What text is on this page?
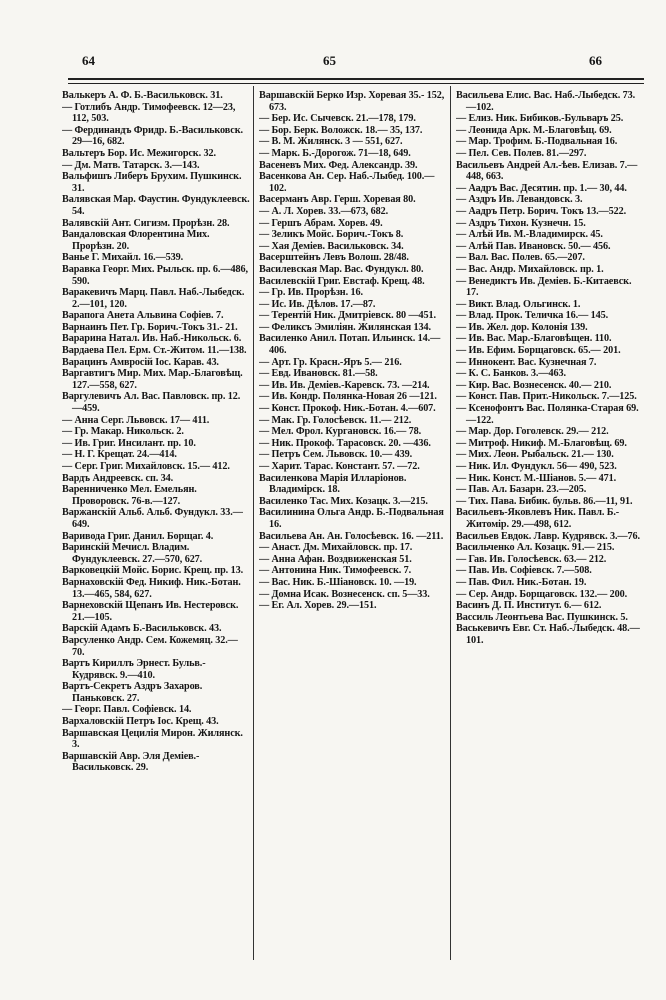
64	65	66

Валькеръ А. Ф. Б.-Васильковск. 31.

— Готлибъ Андр. Тимофеевск. 12—23, 112, 503.

— Фердинандъ Фридр. Б.-Васильковск. 29—16, 682.

Вальтеръ Бор. Ис. Межигорск. 32.

— Дм. Матв. Татарск. 3.—143.

Вальфишъ Либеръ Брухим. Пушкинск. 31.

Валявская Мар. Фаустин. Фундуклеевск. 54.

Валявскій Ант. Сигизм. Прорѣзн. 28.

Вандаловская Флорентина Мих. Прорѣзн. 20.

Ванье Г. Михайл. 16.—539.

Варавка Георг. Мих. Рыльск. пр. 6.—486, 590.

Варакевичъ Марц. Павл. Наб.-Лыбедск. 2.—101, 120.

Варапога Анета Альвина Софіев. 7.

Варнаинъ Пет. Гр. Борич.-Токъ 31.- 21.

Варарина Натал. Ив. Наб.-Никольск. 6.

Вардаева Пел. Ерм. Ст.-Житом. 11.—138.

Варацинъ Амвросій Іос. Карав. 43.

Варгавтигъ Мир. Мих. Мар.-Благовѣщ. 127.—558, 627.

Варгулевичъ Ал. Вас. Павловск. пр. 12.—459.

— Анна Серг. Львовск. 17— 411.

— Гр. Макар. Никольск. 2.

— Ив. Григ. Инсилант. пр. 10.

— Н. Г. Крещат. 24.—414.

— Серг. Григ. Михайловск. 15.— 412.

Вардъ Андреевск. сп. 34.

Варенниченко Мел. Емельян. Проворовск. 76-в.—127.

Варжанскій Альб. Альб. Фундукл. 33.—649.

Варивода Григ. Данил. Борщаг. 4.

Варинскій Мечисл. Владим. Фундуклеевск. 27.—570, 627.

Варковецкій Мойс. Борис. Крещ. пр. 13.

Варнаховскій Фед. Никиф. Ник.-Ботан. 13.—465, 584, 627.

Варнеховскій Щепанъ Ив. Нестеровск. 21.—105.

Варскій Адамъ Б.-Васильковск. 43.

Варсуленко Андр. Сем. Кожемяц. 32.—70.

Вартъ Кириллъ Эрнест. Бульв.-Кудрявск. 9.—410.

Вартъ-Секретъ Аздръ Захаров. Паньковск. 27.

— Георг. Павл. Софіевск. 14.

Вархаловскій Петръ Іос. Крещ. 43.

Варшавская Цецилія Мирон. Жилянск. 3.

Варшавскій Авр. Эля Деміев.-Васильковск. 29.

Варшавскій Берко Изр. Хоревая 35.- 152, 673.

— Бер. Ис. Сычевск. 21.—178, 179.

— Бор. Берк. Воложск. 18.— 35, 137.

— В. М. Жилянск. 3 — 551, 627.

— Марк. Б.-Дорогож. 71—18, 649.

Васеневъ Мих. Фед. Александр. 39.

Васенкова Ан. Сер. Наб.-Лыбед. 100.—102.

Васерманъ Авр. Герш. Хоревая 80.

— А. Л. Хорев. 33.—673, 682.

— Гершъ Абрам. Хорев. 49.

— Зеликъ Мойс. Борич.-Токъ 8.

— Хая Деміев. Васильковск. 34.

Васерштейнъ Левъ Волош. 28/48.

Василевская Мар. Вас. Фундукл. 80.

Василевскій Григ. Евстаф. Крещ. 48.

— Гр. Ив. Прорѣзн. 16.

— Ис. Ив. Дѣлов. 17.—87.

— Терентій Ник. Дмитріевск. 80 —451.

— Феликсъ Эмиліян. Жилянская 134.

Василенко Анил. Потап. Ильинск. 14.—406.

— Арт. Гр. Красн.-Яръ 5.— 216.

— Евд. Ивановск. 81.—58.

— Ив. Ив. Деміев.-Каревск. 73. —214.

— Ив. Кондр. Полянка-Новая 26 —121.

— Конст. Прокоф. Ник.-Ботан. 4.—607.

— Мак. Гр. Голосѣевск. 11.— 212.

— Мел. Фрол. Кургановск. 16.— 78.

— Ник. Прокоф. Тарасовск. 20. —436.

— Петръ Сем. Львовск. 10.— 439.

— Харит. Тарас. Констант. 57. —72.

Василенкова Марія Илларіонов. Владимірск. 18.

Василенко Тас. Мих. Козацк. 3.—215.

Василинина Ольга Андр. Б.-Подвальная 16.

Васильева Ан. Ан. Голосѣевск. 16. —211.

— Анаст. Дм. Михайловск. пр. 17.

— Анна Афан. Воздвиженская 51.

— Антонина Ник. Тимофеевск. 7.

— Вас. Ник. Б.-Шіановск. 10. —19.

— Домна Исак. Вознесенск. сп. 5—33.

— Ег. Ал. Хорев. 29.—151.

Васильева Елис. Вас. Наб.-Лыбедск. 73.—102.

— Елиз. Ник. Бибиков.-Бульваръ 25.

— Леонида Арк. М.-Благовѣщ. 69.

— Мар. Трофим. Б.-Подвальная 16.

— Пел. Сев. Полев. 81.—297.

Васильевъ Андрей Ал.-ѣев. Елизав. 7.—448, 663.

— Аадръ Вас. Десятин. пр. 1.— 30, 44.

— Аздръ Ив. Левандовск. 3.

— Аадръ Петр. Борич. Токъ 13.—522.

— Аздръ Тихон. Кузнечн. 15.

— Алѣй Ив. М.-Владимирск. 45.

— Алѣй Пав. Ивановск. 50.— 456.

— Вал. Вас. Полев. 65.—207.

— Вас. Андр. Михайловск. пр. 1.

— Венедиктъ Ив. Деміев. Б.-Китаевск. 17.

— Викт. Влад. Ольгинск. 1.

— Влад. Прок. Теличка 16.— 145.

— Ив. Жел. дор. Колонія 139.

— Ив. Вас. Мар.-Благовѣщен. 110.

— Ив. Ефим. Борщаговск. 65.— 201.

— Иннокент. Вас. Кузнечная 7.

— К. С. Банков. 3.—463.

— Кир. Вас. Вознесенск. 40.— 210.

— Конст. Пав. Прит.-Никольск. 7.—125.

— Ксенофонтъ Вас. Полянка-Старая 69.—122.

— Мар. Дор. Гоголевск. 29.— 212.

— Митроф. Никиф. М.-Благовѣщ. 69.

— Мих. Леон. Рыбальск. 21.— 130.

— Ник. Ил. Фундукл. 56— 490, 523.

— Ник. Конст. М.-Шіанов. 5.— 471.

— Пав. Ал. Базарн. 23.—205.

— Тих. Пава. Бибик. бульв. 86.—11, 91.

Васильевъ-Яковлевъ Ник. Павл. Б.-Житомір. 29.—498, 612.

Васильев Евдок. Лавр. Кудрявск. 3.—76.

Васильченко Ал. Козацк. 91.— 215.

— Гав. Ив. Голосѣевск. 63.— 212.

— Пав. Ив. Софіевск. 7.—508.

— Пав. Фил. Ник.-Ботан. 19.

— Сер. Андр. Борщаговск. 132.— 200.

Васинъ Д. П. Институт. 6.— 612.

Вассиль Леонтьева Вас. Пушкинск. 5.

Васькевичъ Евг. Ст. Наб.-Лыбедск. 48.—101.
